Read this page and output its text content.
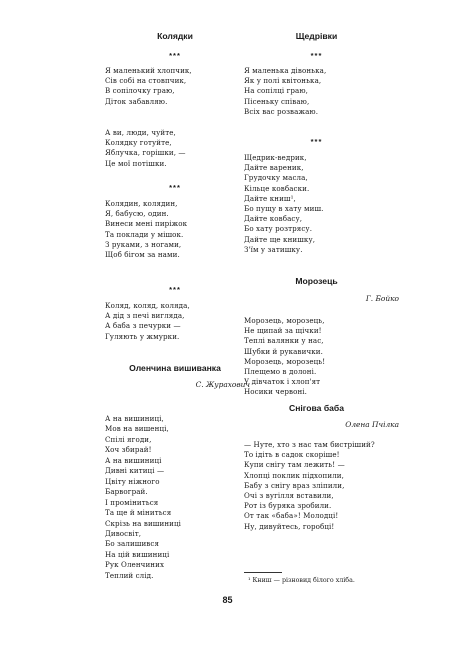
Колядки
***
Я маленький хлопчик,
Сів собі на стовпчик,
В сопілочку граю,
Діток забавляю.
А ви, люди, чуйте,
Колядку готуйте,
Яблучка, горішки, —
Це мої потішки.
***
Колядин, колядин,
Я, бабусю, один.
Винеси мені пиріжок
Та поклади у мішок.
З руками, з ногами,
Щоб бігом за нами.
***
Коляд, коляд, коляда,
А дід з печі вигляда,
А баба з печурки —
Гуляють у жмурки.
Оленчина вишиванка
С. Журахович
А на вишиниці,
Мов на вишенці,
Спілі ягоди,
Хоч збирай!
А на вишиниці
Дивні китиці —
Цвіту ніжного
Барвограй.
І проміниться
Та ще й міниться
Скрізь на вишиниці
Дивосвіт,
Бо залишився
На цій вишиниці
Рук Оленчиних
Теплий слід.
Щедрівки
***
Я маленька дівонька,
Як у полі квітонька,
На сопілці граю,
Пісеньку співаю,
Всіх вас розважаю.
***
Щедрик-ведрик,
Дайте вареник,
Грудочку масла,
Кільце ковбаски.
Дайте книш¹,
Бо пущу в хату миш.
Дайте ковбасу,
Бо хату розтрясу.
Дайте ще книшку,
З'їм у затишку.
Морозець
Г. Бойко
Морозець, морозець,
Не щипай за щічки!
Теплі валянки у нас,
Шубки й рукавички.
Морозець, морозець!
Плещемо в долоні.
У дівчаток і хлоп'ят
Носики червоні.
Снігова баба
Олена Пчілка
— Нуте, хто з нас там бистріший?
То ідіть в садок скоріше!
Купи снігу там лежить! —
Хлопці поклик підхопили,
Бабу з снігу враз зліпили,
Очі з вугілля вставили,
Рот із буряка зробили.
От так «баба»! Молодці!
Ну, дивуйтесь, горобці!
¹ Книш — різновид білого хліба.
85
